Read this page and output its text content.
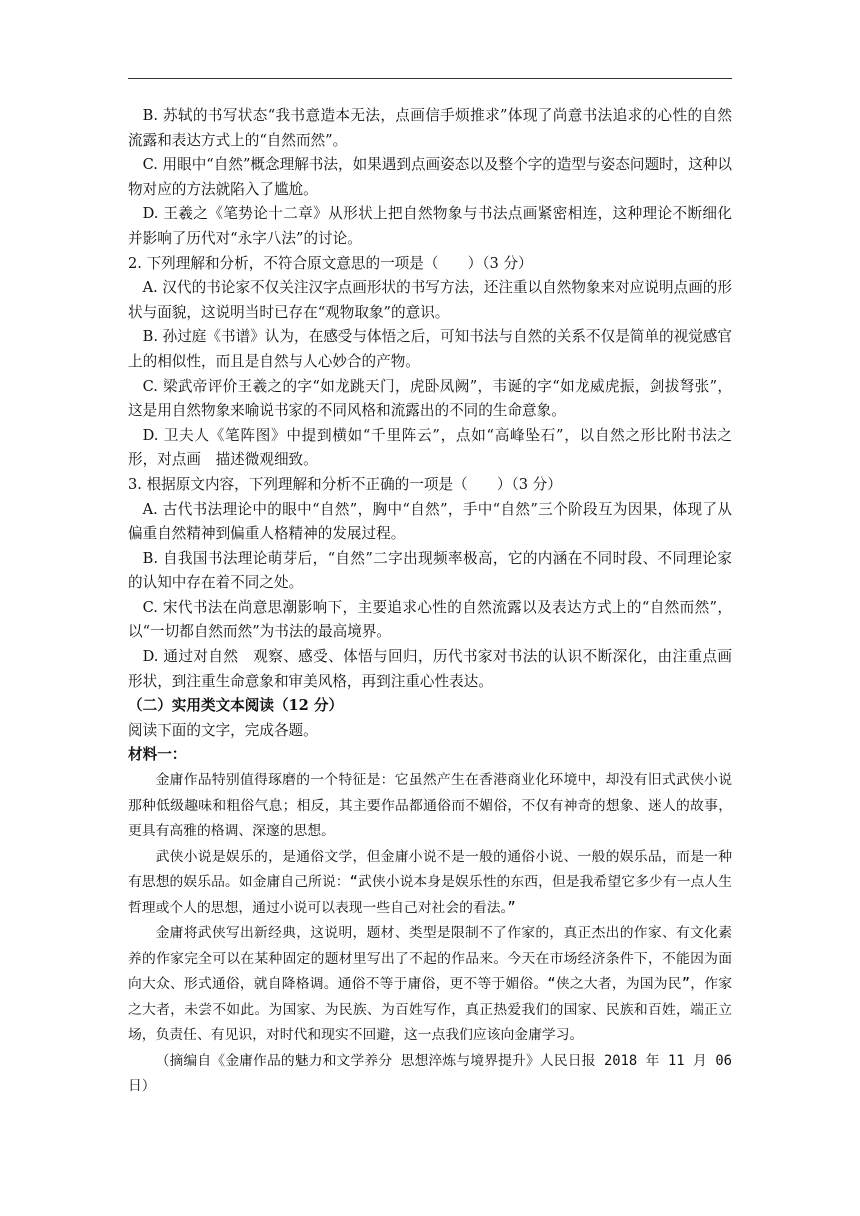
B. 苏轼的书写状态“我书意造本无法，点画信手烦推求”体现了尚意书法追求的心性的自然流露和表达方式上的“自然而然”。

C. 用眼中“自然”概念理解书法，如果遇到点画姿态以及整个字的造型与姿态问题时，这种以物对应的方法就陷入了尴尬。

D. 王羲之《笔势论十二章》从形状上把自然物象与书法点画紧密相连，这种理论不断细化并影响了历代对“永字八法”的讨论。

2. 下列理解和分析，不符合原文意思的一项是（　　）（3 分）

A. 汉代的书论家不仅关注汉字点画形状的书写方法，还注重以自然物象来对应说明点画的形状与面貌，这说明当时已存在“观物取象”的意识。

B. 孙过庭《书谱》认为，在感受与体悟之后，可知书法与自然的关系不仅是简单的视觉感官上的相似性，而且是自然与人心妙合的产物。

C. 梁武帝评价王羲之的字“如龙跳天门，虎卧凤阙”，韦诞的字“如龙威虎振，剑拔弩张”，这是用自然物象来喻说书家的不同风格和流露出的不同的生命意象。

D. 卫夫人《笔阵图》中提到横如“千里阵云”，点如“高峰坠石”，以自然之形比附书法之形，对点画　描述微观细致。

3. 根据原文内容，下列理解和分析不正确的一项是（　　）（3 分）

A. 古代书法理论中的眼中“自然”，胸中“自然”，手中“自然”三个阶段互为因果，体现了从偏重自然精神到偏重人格精神的发展过程。

B. 自我国书法理论萌芽后，“自然”二字出现频率极高，它的内涵在不同时段、不同理论家的认知中存在着不同之处。

C. 宋代书法在尚意思潮影响下，主要追求心性的自然流露以及表达方式上的“自然而然”，以“一切都自然而然”为书法的最高境界。

D. 通过对自然　观察、感受、体悟与回归，历代书家对书法的认识不断深化，由注重点画形状，到注重生命意象和审美风格，再到注重心性表达。

（二）实用类文本阅读（12 分）

阅读下面的文字，完成各题。

材料一：

金庸作品特别值得琢磨的一个特征是：它虽然产生在香港商业化环境中，却没有旧式武侠小说那种低级趣味和粗俗气息；相反，其主要作品都通俗而不媚俗，不仅有神奇的想象、迷人的故事，更具有高雅的格调、深邃的思想。

武侠小说是娱乐的，是通俗文学，但金庸小说不是一般的通俗小说、一般的娱乐品，而是一种有思想的娱乐品。如金庸自己所说：“武侠小说本身是娱乐性的东西，但是我希望它多少有一点人生哲理或个人的思想，通过小说可以表现一些自己对社会的看法。”

金庸将武侠写出新经典，这说明，题材、类型是限制不了作家的，真正杰出的作家、有文化素养的作家完全可以在某种固定的题材里写出了不起的作品来。今天在市场经济条件下，不能因为面向大众、形式通俗，就自降格调。通俗不等于庸俗，更不等于媚俗。“侠之大者，为国为民”，作家之大者，未尝不如此。为国家、为民族、为百姓写作，真正热爱我们的国家、民族和百姓，端正立场，负责任、有见识，对时代和现实不回避，这一点我们应该向金庸学习。

（摘编自《金庸作品的魅力和文学养分 思想淬炼与境界提升》人民日报 2018 年 11 月 06 日）
